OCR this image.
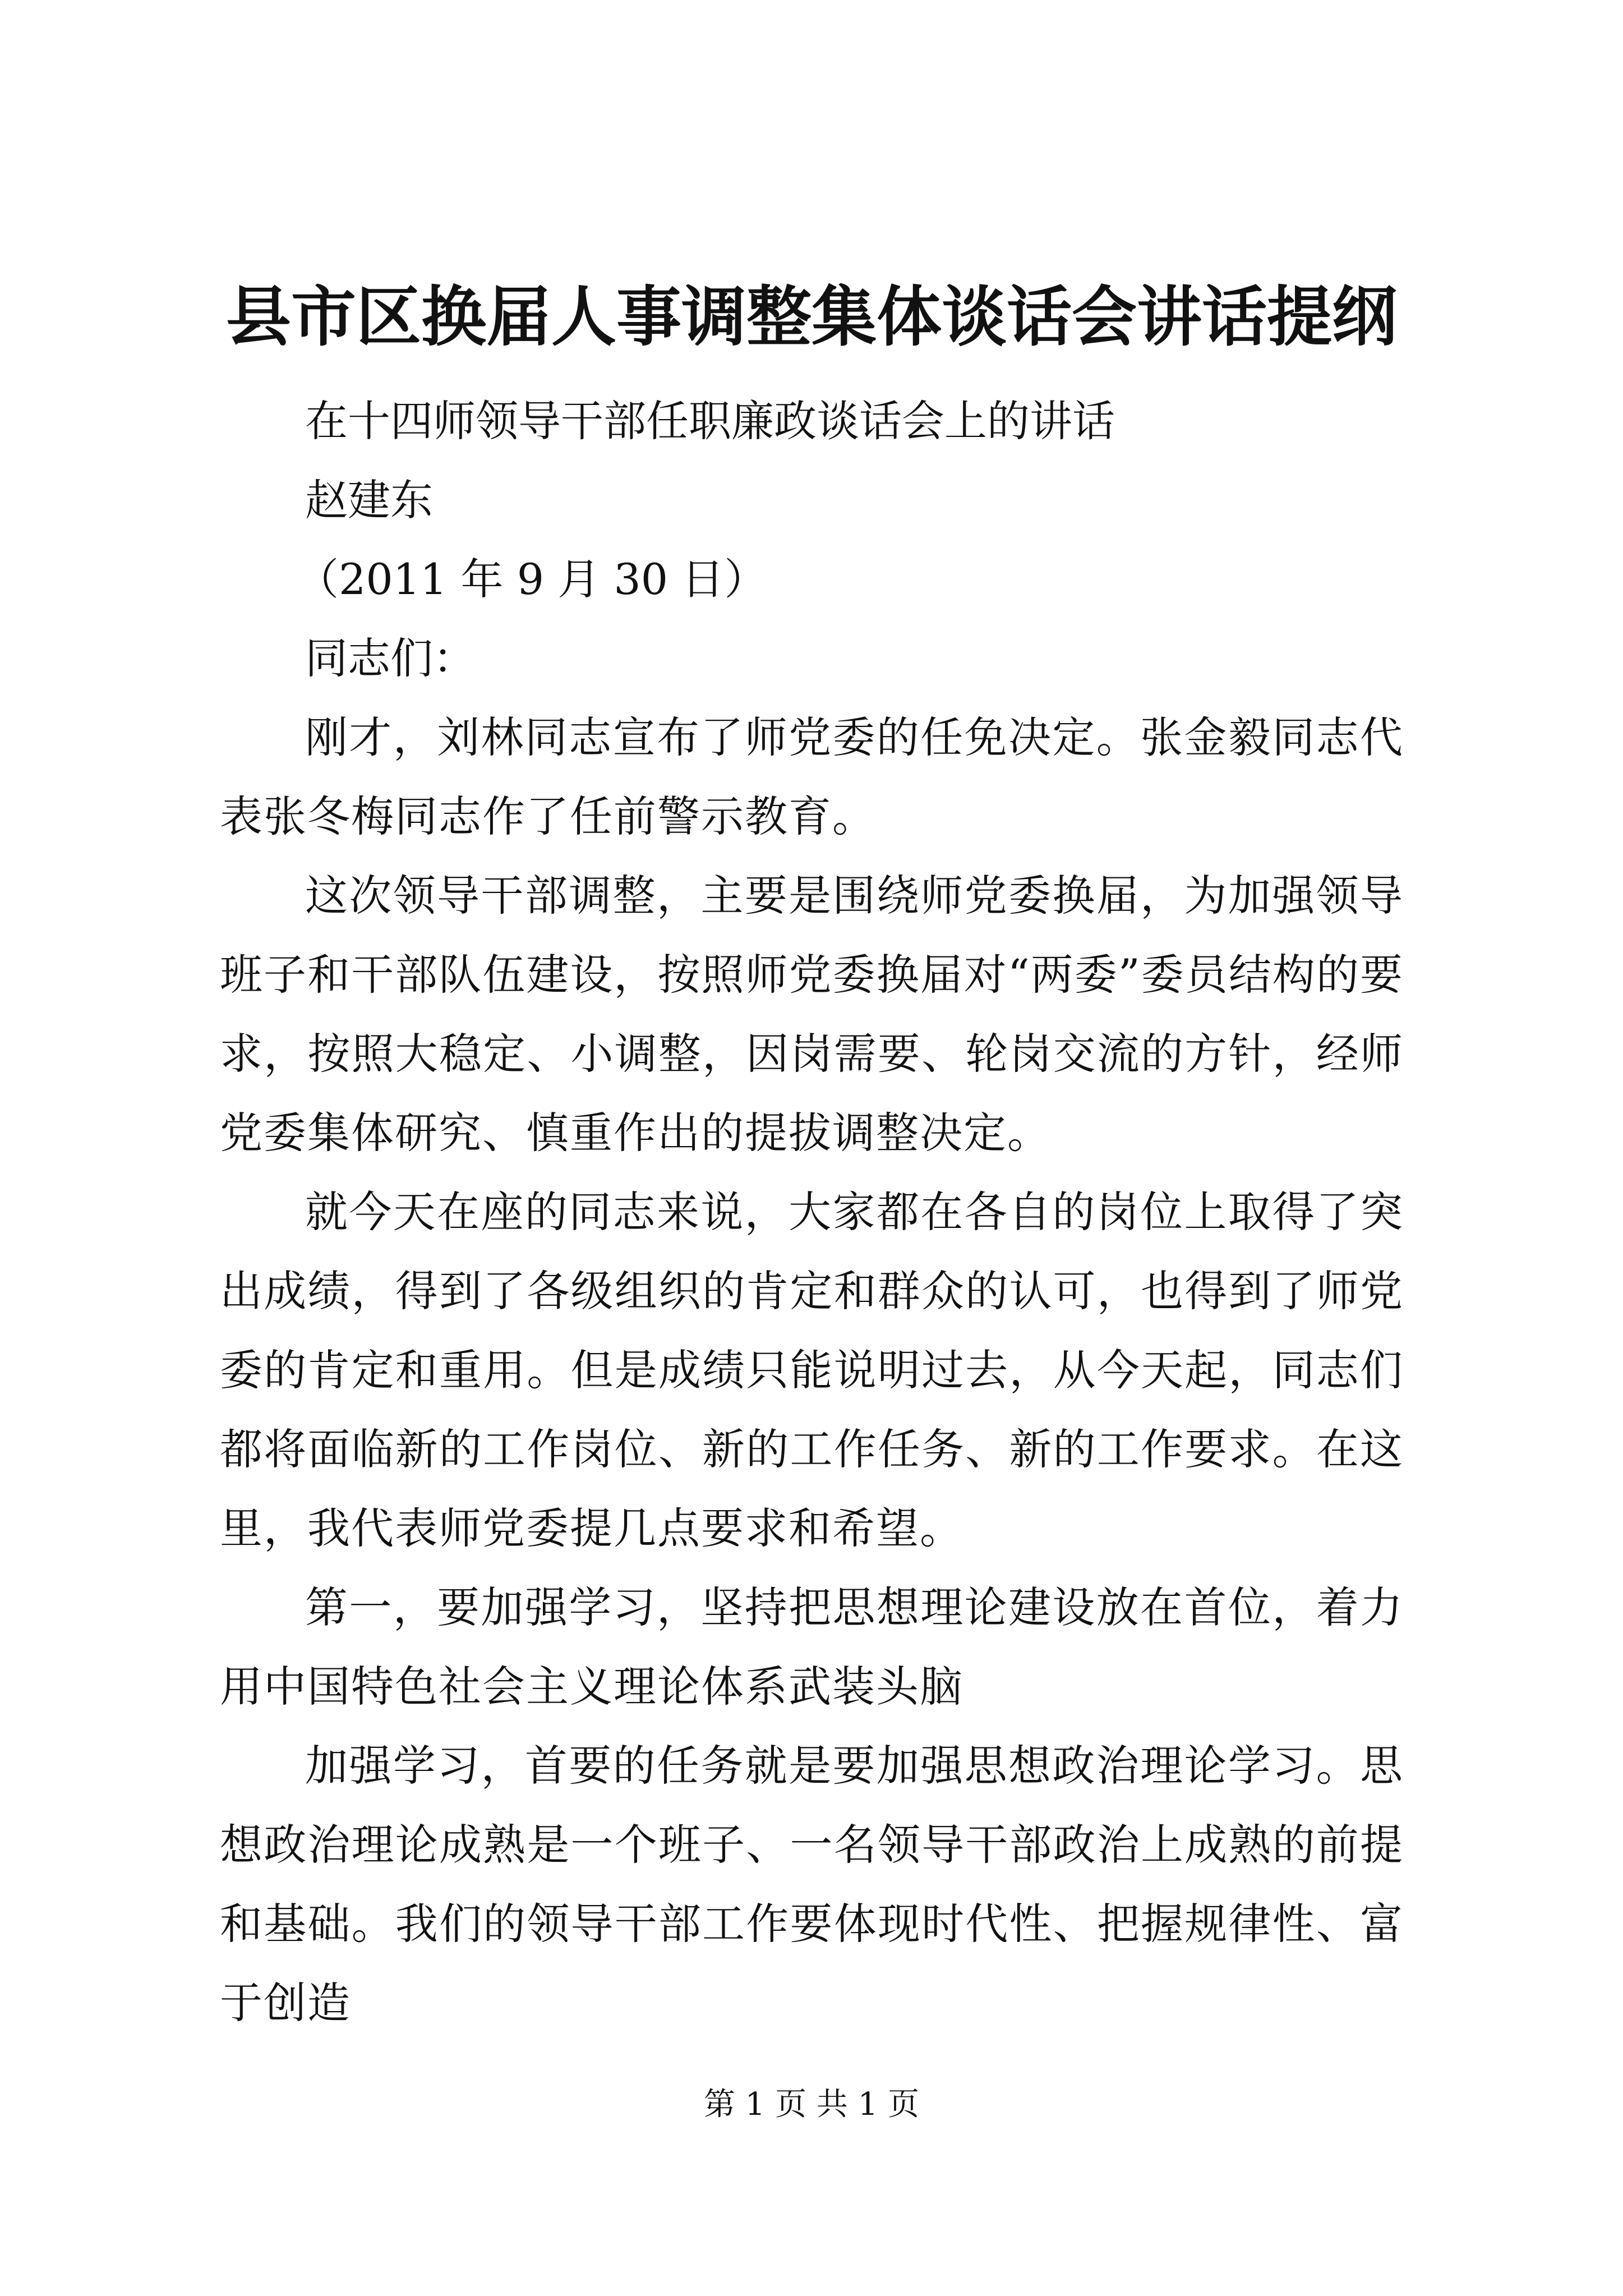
县市区换届人事调整集体谈话会讲话提纲

在十四师领导干部任职廉政谈话会上的讲话

赵建东

（2011 年 9 月 30 日）

同志们：

刚才，刘林同志宣布了师党委的任免决定。张金毅同志代表张冬梅同志作了任前警示教育。

这次领导干部调整，主要是围绕师党委换届，为加强领导班子和干部队伍建设，按照师党委换届对“两委”委员结构的要求，按照大稳定、小调整，因岗需要、轮岗交流的方针，经师党委集体研究、慎重作出的提拔调整决定。

就今天在座的同志来说，大家都在各自的岗位上取得了突出成绩，得到了各级组织的肯定和群众的认可，也得到了师党委的肯定和重用。但是成绩只能说明过去，从今天起，同志们都将面临新的工作岗位、新的工作任务、新的工作要求。在这里，我代表师党委提几点要求和希望。

第一，要加强学习，坚持把思想理论建设放在首位，着力用中国特色社会主义理论体系武装头脑

加强学习，首要的任务就是要加强思想政治理论学习。思想政治理论成熟是一个班子、一名领导干部政治上成熟的前提和基础。我们的领导干部工作要体现时代性、把握规律性、富于创造

第 1 页 共 1 页
